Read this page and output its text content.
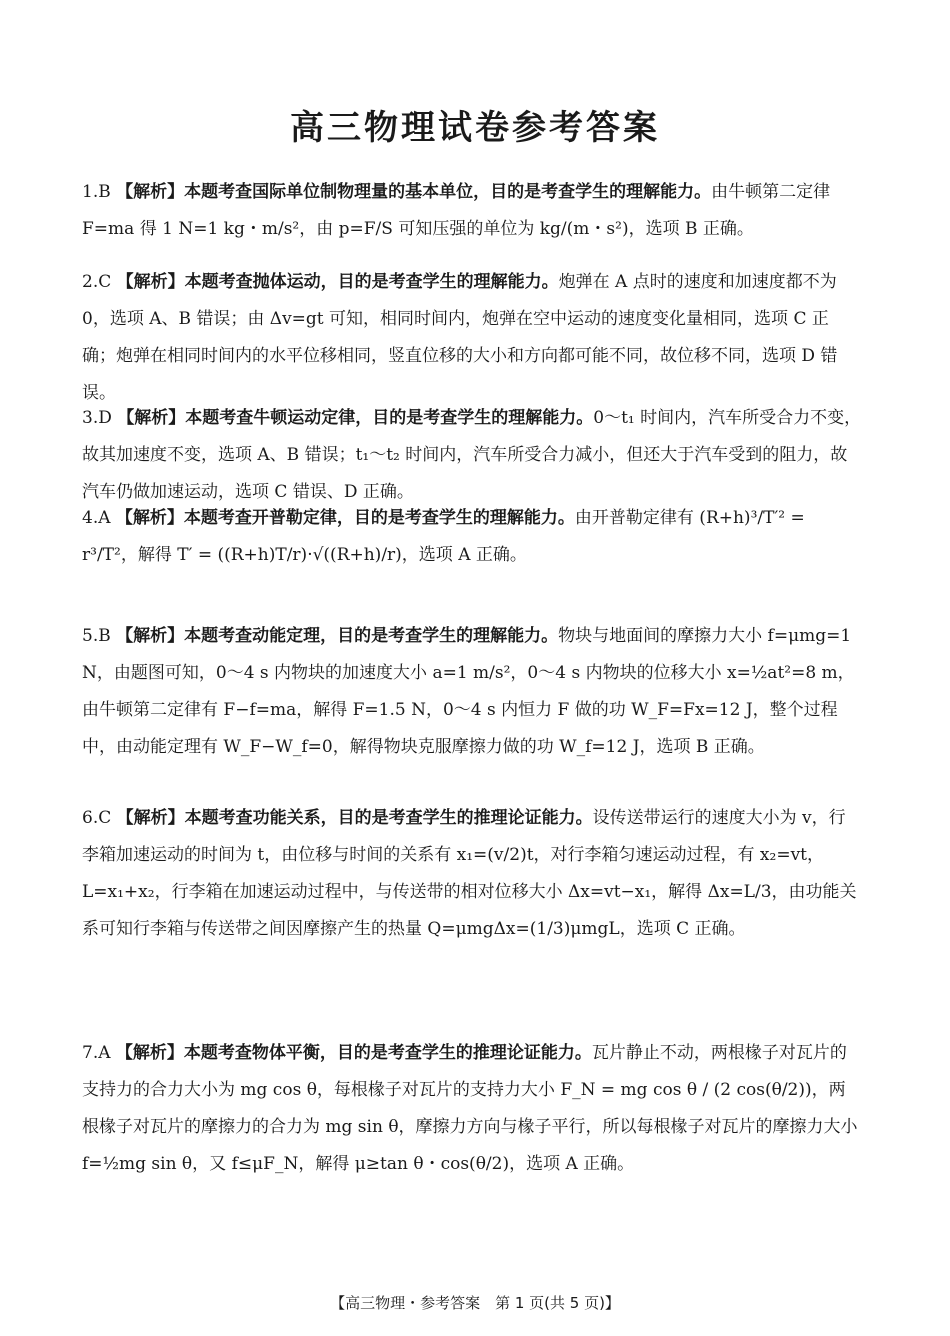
高三物理试卷参考答案
1.B 【解析】本题考查国际单位制物理量的基本单位，目的是考查学生的理解能力。由牛顿第二定律 F=ma 得 1 N=1 kg・m/s²，由 p=F/S 可知压强的单位为 kg/(m・s²)，选项 B 正确。
2.C 【解析】本题考查抛体运动，目的是考查学生的理解能力。炮弹在 A 点时的速度和加速度都不为 0，选项 A、B 错误；由 Δv=gt 可知，相同时间内，炮弹在空中运动的速度变化量相同，选项 C 正确；炮弹在相同时间内的水平位移相同，竖直位移的大小和方向都可能不同，故位移不同，选项 D 错误。
3.D 【解析】本题考查牛顿运动定律，目的是考查学生的理解能力。0～t₁ 时间内，汽车所受合力不变，故其加速度不变，选项 A、B 错误；t₁～t₂ 时间内，汽车所受合力减小，但还大于汽车受到的阻力，故汽车仍做加速运动，选项 C 错误、D 正确。
4.A 【解析】本题考查开普勒定律，目的是考查学生的理解能力。由开普勒定律有 (R+h)³/T′² = r³/T²，解得 T′ = ((R+h)T/r)·√((R+h)/r)，选项 A 正确。
5.B 【解析】本题考查动能定理，目的是考查学生的理解能力。物块与地面间的摩擦力大小 f=μmg=1 N，由题图可知，0～4 s 内物块的加速度大小 a=1 m/s²，0～4 s 内物块的位移大小 x=½at²=8 m，由牛顿第二定律有 F−f=ma，解得 F=1.5 N，0～4 s 内恒力 F 做的功 W_F=Fx=12 J，整个过程中，由动能定理有 W_F−W_f=0，解得物块克服摩擦力做的功 W_f=12 J，选项 B 正确。
6.C 【解析】本题考查功能关系，目的是考查学生的推理论证能力。设传送带运行的速度大小为 v，行李箱加速运动的时间为 t，由位移与时间的关系有 x₁=(v/2)t，对行李箱匀速运动过程，有 x₂=vt，L=x₁+x₂，行李箱在加速运动过程中，与传送带的相对位移大小 Δx=vt−x₁，解得 Δx=L/3，由功能关系可知行李箱与传送带之间因摩擦产生的热量 Q=μmgΔx=(1/3)μmgL，选项 C 正确。
7.A 【解析】本题考查物体平衡，目的是考查学生的推理论证能力。瓦片静止不动，两根椽子对瓦片的支持力的合力大小为 mg cos θ，每根椽子对瓦片的支持力大小 F_N = mg cos θ / (2 cos(θ/2))，两根椽子对瓦片的摩擦力的合力为 mg sin θ，摩擦力方向与椽子平行，所以每根椽子对瓦片的摩擦力大小 f=½mg sin θ，又 f≤μF_N，解得 μ≥tan θ・cos(θ/2)，选项 A 正确。
【高三物理・参考答案　第 1 页(共 5 页)】
